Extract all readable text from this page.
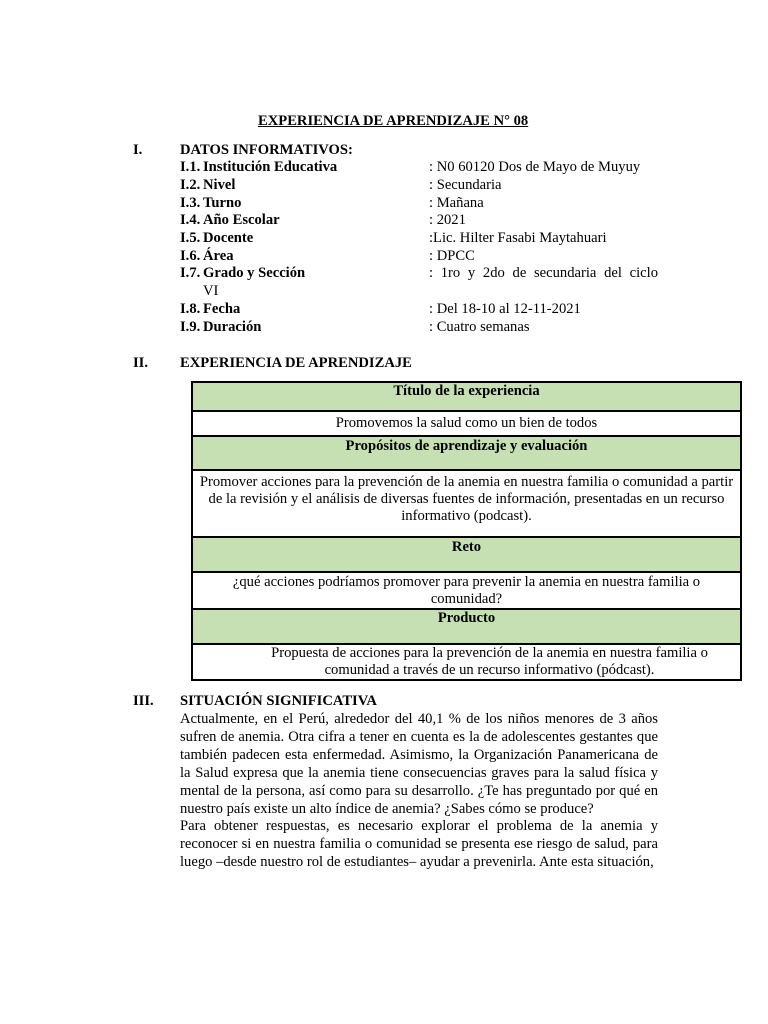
EXPERIENCIA DE APRENDIZAJE N° 08
I.	DATOS INFORMATIVOS:
I.1. Institución Educativa	: N0 60120 Dos de Mayo de Muyuy
I.2. Nivel	: Secundaria
I.3. Turno	: Mañana
I.4. Año Escolar	: 2021
I.5. Docente	:Lic. Hilter Fasabi Maytahuari
I.6. Área	: DPCC
I.7. Grado y Sección	: 1ro y 2do de secundaria del ciclo
VI
I.8. Fecha	: Del 18-10 al 12-11-2021
I.9. Duración	: Cuatro semanas
II. EXPERIENCIA DE APRENDIZAJE
Título de la experiencia
Promovemos la salud como un bien de todos
Propósitos de aprendizaje y evaluación
Promover acciones para la prevención de la anemia en nuestra familia o comunidad a partir de la revisión y el análisis de diversas fuentes de información, presentadas en un recurso informativo (podcast).
Reto
¿qué acciones podríamos promover para prevenir la anemia en nuestra familia o comunidad?
Producto
Propuesta de acciones para la prevención de la anemia en nuestra familia o comunidad a través de un recurso informativo (pódcast).
III. SITUACIÓN SIGNIFICATIVA

Actualmente, en el Perú, alrededor del 40,1 % de los niños menores de 3 años sufren de anemia. Otra cifra a tener en cuenta es la de adolescentes gestantes que también padecen esta enfermedad. Asimismo, la Organización Panamericana de la Salud expresa que la anemia tiene consecuencias graves para la salud física y mental de la persona, así como para su desarrollo. ¿Te has preguntado por qué en nuestro país existe un alto índice de anemia? ¿Sabes cómo se produce?

Para obtener respuestas, es necesario explorar el problema de la anemia y reconocer si en nuestra familia o comunidad se presenta ese riesgo de salud, para luego –desde nuestro rol de estudiantes– ayudar a prevenirla. Ante esta situación,
